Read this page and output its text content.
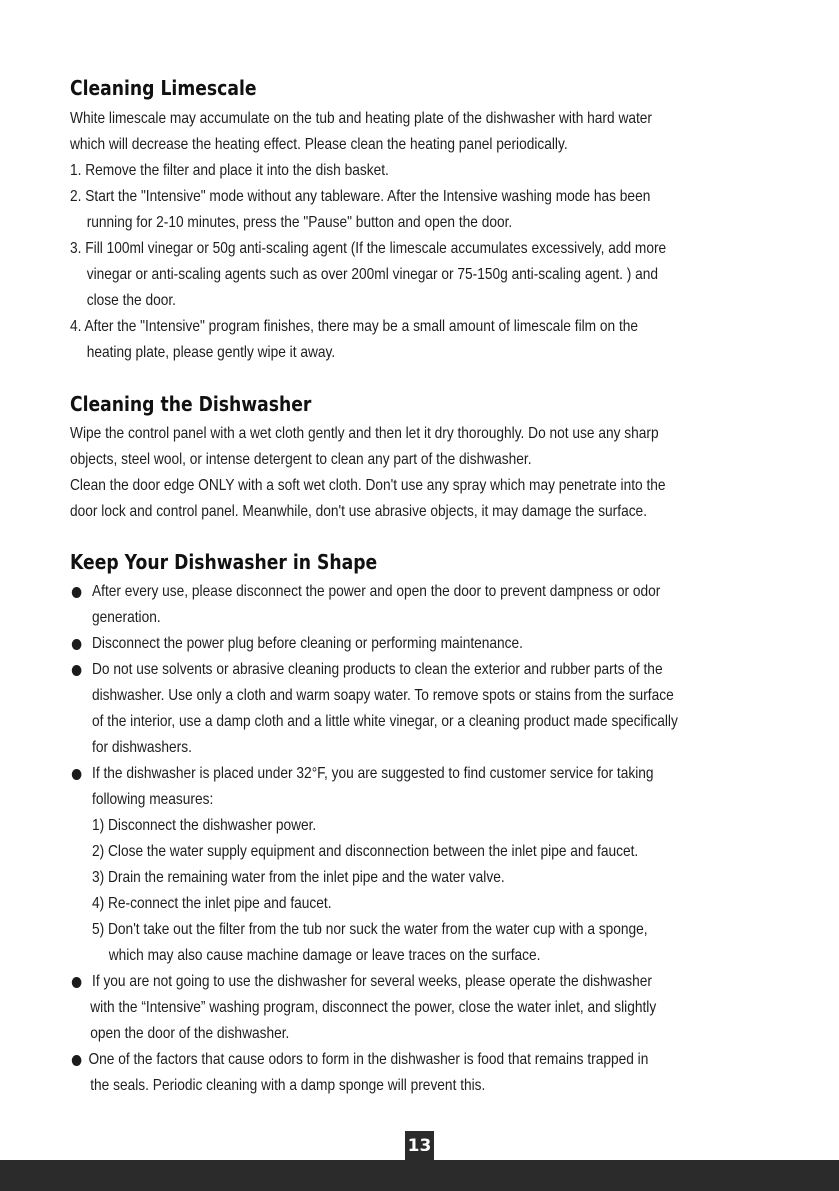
Cleaning Limescale
White limescale may accumulate on the tub and heating plate of the dishwasher with hard water
which will decrease the heating effect. Please clean the heating panel periodically.
1. Remove the filter and place it into the dish basket.
2. Start the "Intensive" mode without any tableware. After the Intensive washing mode has been
running for 2-10 minutes, press the "Pause" button and open the door.
3. Fill 100ml vinegar or 50g anti-scaling agent (If the limescale accumulates excessively, add more
vinegar or anti-scaling agents such as over 200ml vinegar or 75-150g anti-scaling agent. ) and
close the door.
4. After the "Intensive" program finishes, there may be a small amount of limescale film on the
heating plate, please gently wipe it away.
Cleaning the Dishwasher
Wipe the control panel with a wet cloth gently and then let it dry thoroughly. Do not use any sharp
objects, steel wool, or intense detergent to clean any part of the dishwasher.
Clean the door edge ONLY with a soft wet cloth. Don't use any spray which may penetrate into the
door lock and control panel. Meanwhile, don't use abrasive objects, it may damage the surface.
Keep Your Dishwasher in Shape
After every use, please disconnect the power and open the door to prevent dampness or odor
generation.
Disconnect the power plug before cleaning or performing maintenance.
Do not use solvents or abrasive cleaning products to clean the exterior and rubber parts of the
dishwasher. Use only a cloth and warm soapy water. To remove spots or stains from the surface
of the interior, use a damp cloth and a little white vinegar, or a cleaning product made specifically
for dishwashers.
If the dishwasher is placed under 32°F, you are suggested to find customer service for taking
following measures:
1) Disconnect the dishwasher power.
2) Close the water supply equipment and disconnection between the inlet pipe and faucet.
3) Drain the remaining water from the inlet pipe and the water valve.
4) Re-connect the inlet pipe and faucet.
5) Don't take out the filter from the tub nor suck the water from the water cup with a sponge,
which may also cause machine damage or leave traces on the surface.
If you are not going to use the dishwasher for several weeks, please operate the dishwasher
with the “Intensive” washing program, disconnect the power, close the water inlet, and slightly
open the door of the dishwasher.
One of the factors that cause odors to form in the dishwasher is food that remains trapped in
the seals. Periodic cleaning with a damp sponge will prevent this.
13
